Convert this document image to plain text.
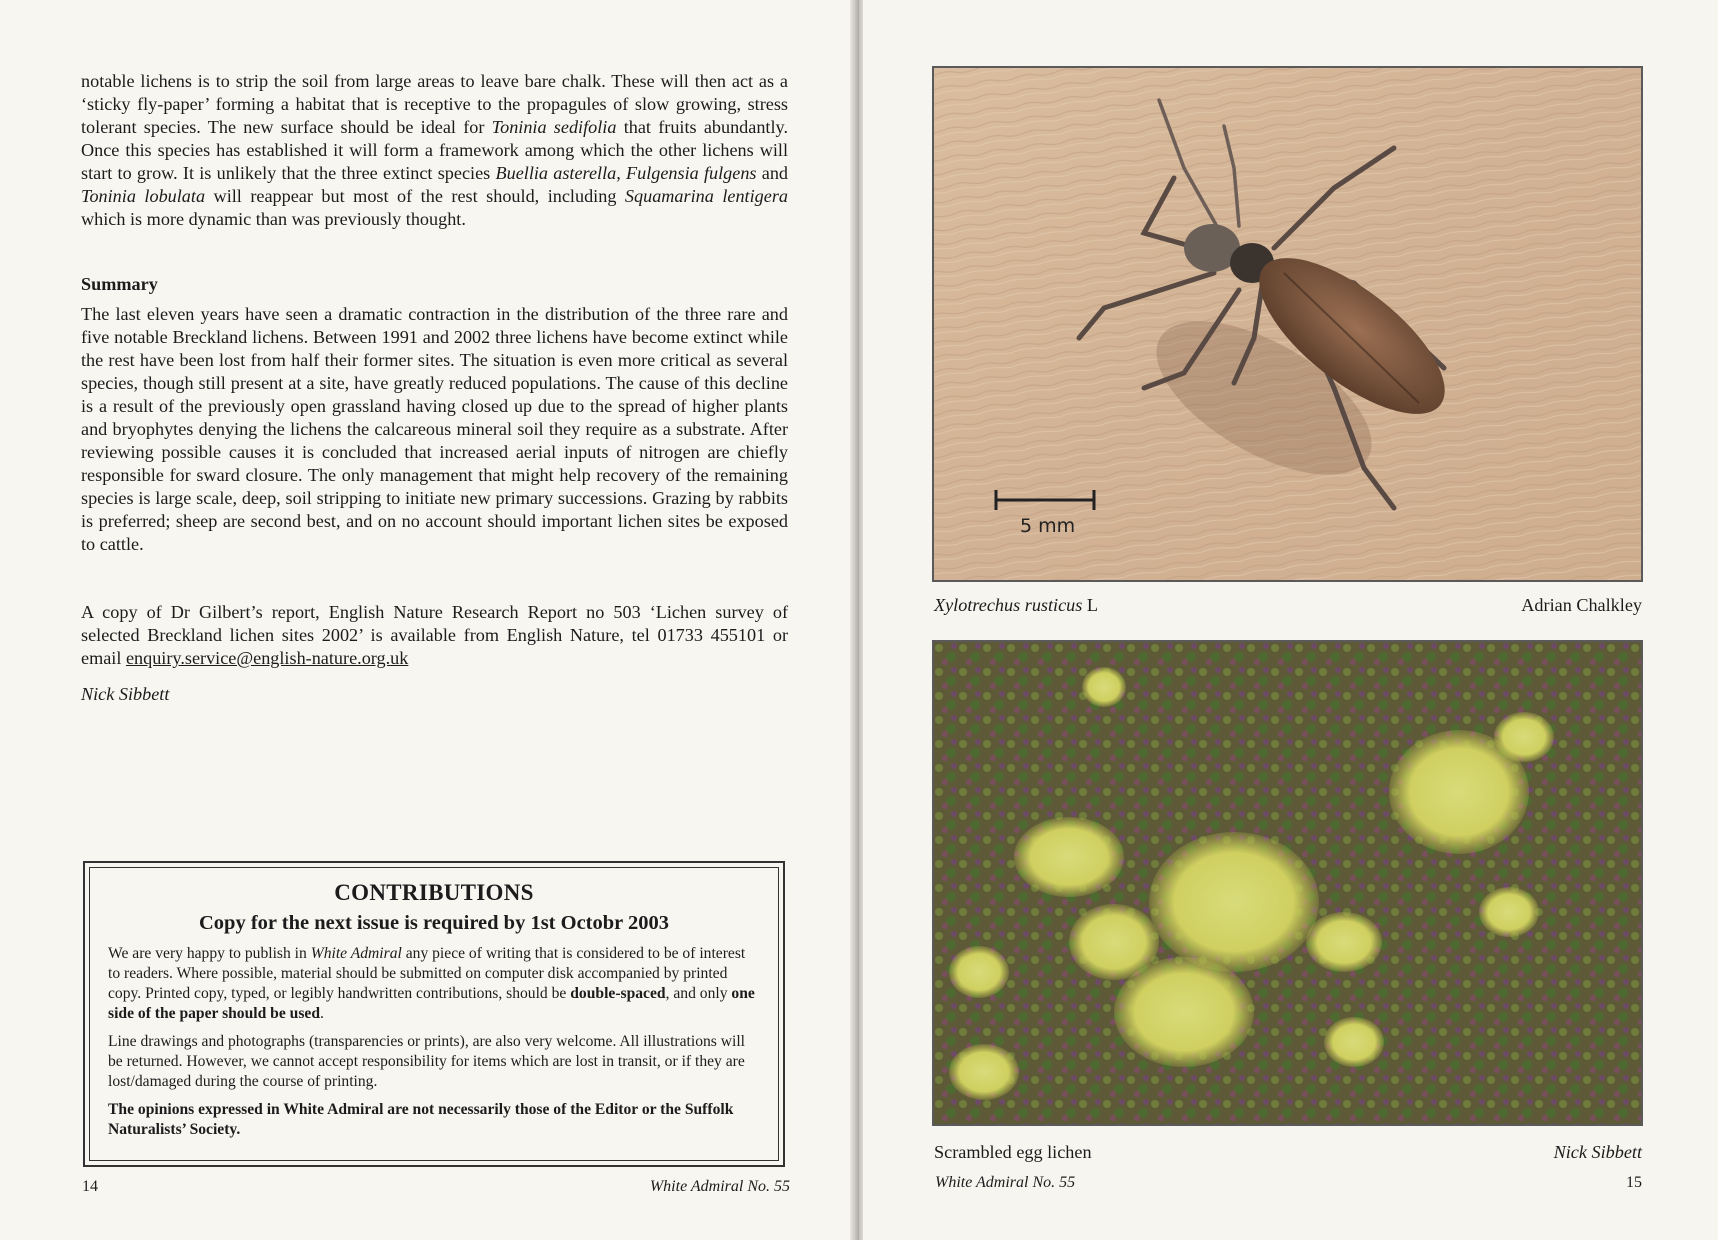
notable lichens is to strip the soil from large areas to leave bare chalk. These will then act as a ‘sticky fly-paper’ forming a habitat that is receptive to the propagules of slow growing, stress tolerant species. The new surface should be ideal for Toninia sedifolia that fruits abundantly. Once this species has established it will form a framework among which the other lichens will start to grow. It is unlikely that the three extinct species Buellia asterella, Fulgensia fulgens and Toninia lobulata will reappear but most of the rest should, including Squamarina lentigera which is more dynamic than was previously thought.

Summary

The last eleven years have seen a dramatic contraction in the distribution of the three rare and five notable Breckland lichens. Between 1991 and 2002 three lichens have become extinct while the rest have been lost from half their former sites. The situation is even more critical as several species, though still present at a site, have greatly reduced populations. The cause of this decline is a result of the previously open grassland having closed up due to the spread of higher plants and bryophytes denying the lichens the calcareous mineral soil they require as a substrate. After reviewing possible causes it is concluded that increased aerial inputs of nitrogen are chiefly responsible for sward closure. The only management that might help recovery of the remaining species is large scale, deep, soil stripping to initiate new primary successions. Grazing by rabbits is preferred; sheep are second best, and on no account should important lichen sites be exposed to cattle.

A copy of Dr Gilbert’s report, English Nature Research Report no 503 ‘Lichen survey of selected Breckland lichen sites 2002’ is available from English Nature, tel 01733 455101 or email enquiry.service@english-nature.org.uk

Nick Sibbett
CONTRIBUTIONS
Copy for the next issue is required by 1st Octobr 2003
We are very happy to publish in White Admiral any piece of writing that is considered to be of interest to readers. Where possible, material should be submitted on computer disk accompanied by printed copy. Printed copy, typed, or legibly handwritten contributions, should be double-spaced, and only one side of the paper should be used.
Line drawings and photographs (transparencies or prints), are also very welcome. All illustrations will be returned. However, we cannot accept responsibility for items which are lost in transit, or if they are lost/damaged during the course of printing.
The opinions expressed in White Admiral are not necessarily those of the Editor or the Suffolk Naturalists’ Society.
14	White Admiral No. 55
5 mm
Xylotrechus rusticus L	Adrian Chalkley
Scrambled egg lichen	Nick Sibbett
White Admiral No. 55	15
